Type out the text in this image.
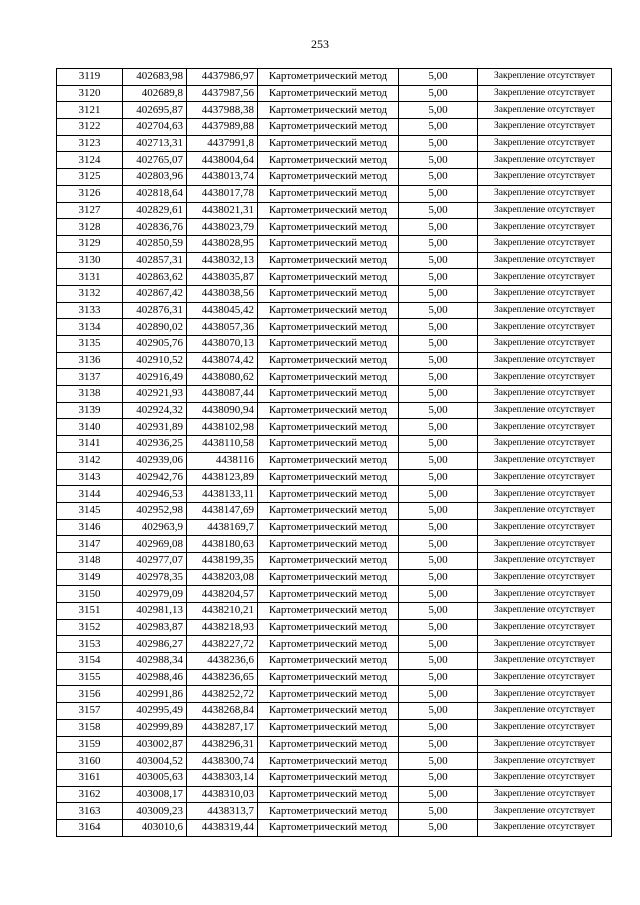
253
3119	402683,98	4437986,97	Картометрический метод	5,00	Закрепление отсутствует
3120	402689,8	4437987,56	Картометрический метод	5,00	Закрепление отсутствует
3121	402695,87	4437988,38	Картометрический метод	5,00	Закрепление отсутствует
3122	402704,63	4437989,88	Картометрический метод	5,00	Закрепление отсутствует
3123	402713,31	4437991,8	Картометрический метод	5,00	Закрепление отсутствует
3124	402765,07	4438004,64	Картометрический метод	5,00	Закрепление отсутствует
3125	402803,96	4438013,74	Картометрический метод	5,00	Закрепление отсутствует
3126	402818,64	4438017,78	Картометрический метод	5,00	Закрепление отсутствует
3127	402829,61	4438021,31	Картометрический метод	5,00	Закрепление отсутствует
3128	402836,76	4438023,79	Картометрический метод	5,00	Закрепление отсутствует
3129	402850,59	4438028,95	Картометрический метод	5,00	Закрепление отсутствует
3130	402857,31	4438032,13	Картометрический метод	5,00	Закрепление отсутствует
3131	402863,62	4438035,87	Картометрический метод	5,00	Закрепление отсутствует
3132	402867,42	4438038,56	Картометрический метод	5,00	Закрепление отсутствует
3133	402876,31	4438045,42	Картометрический метод	5,00	Закрепление отсутствует
3134	402890,02	4438057,36	Картометрический метод	5,00	Закрепление отсутствует
3135	402905,76	4438070,13	Картометрический метод	5,00	Закрепление отсутствует
3136	402910,52	4438074,42	Картометрический метод	5,00	Закрепление отсутствует
3137	402916,49	4438080,62	Картометрический метод	5,00	Закрепление отсутствует
3138	402921,93	4438087,44	Картометрический метод	5,00	Закрепление отсутствует
3139	402924,32	4438090,94	Картометрический метод	5,00	Закрепление отсутствует
3140	402931,89	4438102,98	Картометрический метод	5,00	Закрепление отсутствует
3141	402936,25	4438110,58	Картометрический метод	5,00	Закрепление отсутствует
3142	402939,06	4438116	Картометрический метод	5,00	Закрепление отсутствует
3143	402942,76	4438123,89	Картометрический метод	5,00	Закрепление отсутствует
3144	402946,53	4438133,11	Картометрический метод	5,00	Закрепление отсутствует
3145	402952,98	4438147,69	Картометрический метод	5,00	Закрепление отсутствует
3146	402963,9	4438169,7	Картометрический метод	5,00	Закрепление отсутствует
3147	402969,08	4438180,63	Картометрический метод	5,00	Закрепление отсутствует
3148	402977,07	4438199,35	Картометрический метод	5,00	Закрепление отсутствует
3149	402978,35	4438203,08	Картометрический метод	5,00	Закрепление отсутствует
3150	402979,09	4438204,57	Картометрический метод	5,00	Закрепление отсутствует
3151	402981,13	4438210,21	Картометрический метод	5,00	Закрепление отсутствует
3152	402983,87	4438218,93	Картометрический метод	5,00	Закрепление отсутствует
3153	402986,27	4438227,72	Картометрический метод	5,00	Закрепление отсутствует
3154	402988,34	4438236,6	Картометрический метод	5,00	Закрепление отсутствует
3155	402988,46	4438236,65	Картометрический метод	5,00	Закрепление отсутствует
3156	402991,86	4438252,72	Картометрический метод	5,00	Закрепление отсутствует
3157	402995,49	4438268,84	Картометрический метод	5,00	Закрепление отсутствует
3158	402999,89	4438287,17	Картометрический метод	5,00	Закрепление отсутствует
3159	403002,87	4438296,31	Картометрический метод	5,00	Закрепление отсутствует
3160	403004,52	4438300,74	Картометрический метод	5,00	Закрепление отсутствует
3161	403005,63	4438303,14	Картометрический метод	5,00	Закрепление отсутствует
3162	403008,17	4438310,03	Картометрический метод	5,00	Закрепление отсутствует
3163	403009,23	4438313,7	Картометрический метод	5,00	Закрепление отсутствует
3164	403010,6	4438319,44	Картометрический метод	5,00	Закрепление отсутствует
